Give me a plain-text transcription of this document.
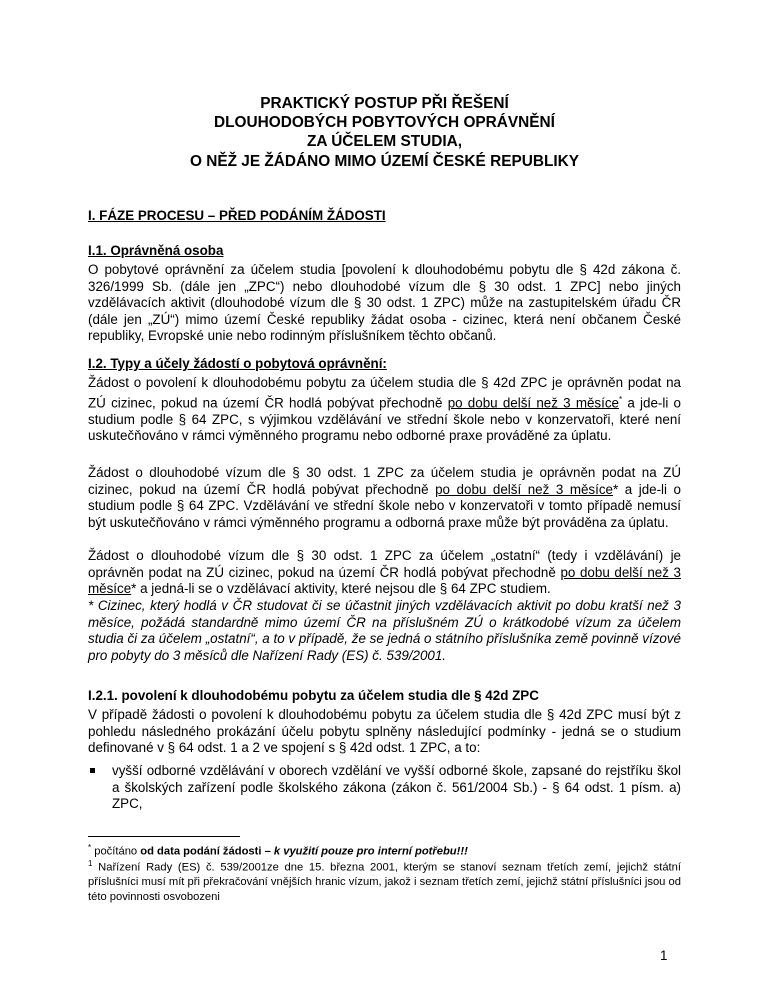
PRAKTICKÝ POSTUP PŘI ŘEŠENÍ
DLOUHODOBÝCH POBYTOVÝCH OPRÁVNĚNÍ
ZA ÚČELEM STUDIA,
O NĚŽ JE ŽÁDÁNO MIMO ÚZEMÍ ČESKÉ REPUBLIKY
I. FÁZE PROCESU – PŘED PODÁNÍM ŽÁDOSTI
I.1. Oprávněná osoba
O pobytové oprávnění za účelem studia [povolení k dlouhodobému pobytu dle § 42d zákona č. 326/1999 Sb. (dále jen „ZPC“) nebo dlouhodobé vízum dle § 30 odst. 1 ZPC] nebo jiných vzdělávacích aktivit (dlouhodobé vízum dle § 30 odst. 1 ZPC) může na zastupitelském úřadu ČR (dále jen „ZÚ“) mimo území České republiky žádat osoba - cizinec, která není občanem České republiky, Evropské unie nebo rodinným příslušníkem těchto občanů.
I.2. Typy a účely žádostí o pobytová oprávnění:
Žádost o povolení k dlouhodobému pobytu za účelem studia dle § 42d ZPC je oprávněn podat na ZÚ cizinec, pokud na území ČR hodlá pobývat přechodně po dobu delší než 3 měsíce* a jde-li o studium podle § 64 ZPC, s výjimkou vzdělávání ve střední škole nebo v konzervatoři, které není uskutečňováno v rámci výměnného programu nebo odborné praxe prováděné za úplatu.
Žádost o dlouhodobé vízum dle § 30 odst. 1 ZPC za účelem studia je oprávněn podat na ZÚ cizinec, pokud na území ČR hodlá pobývat přechodně po dobu delší než 3 měsíce* a jde-li o studium podle § 64 ZPC. Vzdělávání ve střední škole nebo v konzervatoři v tomto případě nemusí být uskutečňováno v rámci výměnného programu a odborná praxe může být prováděna za úplatu.
Žádost o dlouhodobé vízum dle § 30 odst. 1 ZPC za účelem „ostatní“ (tedy i vzdělávání) je oprávněn podat na ZÚ cizinec, pokud na území ČR hodlá pobývat přechodně po dobu delší než 3 měsíce* a jedná-li se o vzdělávací aktivity, které nejsou dle § 64 ZPC studiem.
* Cizinec, který hodlá v ČR studovat či se účastnit jiných vzdělávacích aktivit po dobu kratší než 3 měsíce, požádá standardně mimo území ČR na příslušném ZÚ o krátkodobé vízum za účelem studia či za účelem „ostatní“, a to v případě, že se jedná o státního příslušníka země povinně vízové pro pobyty do 3 měsíců dle Nařízení Rady (ES) č. 539/2001.
I.2.1. povolení k dlouhodobému pobytu za účelem studia dle § 42d ZPC
V případě žádosti o povolení k dlouhodobému pobytu za účelem studia dle § 42d ZPC musí být z pohledu následného prokázání účelu pobytu splněny následující podmínky - jedná se o studium definované v § 64 odst. 1 a 2 ve spojení s § 42d odst. 1 ZPC, a to:
vyšší odborné vzdělávání v oborech vzdělání ve vyšší odborné škole, zapsané do rejstříku škol a školských zařízení podle školského zákona (zákon č. 561/2004 Sb.) - § 64 odst. 1 písm. a) ZPC,
* počítáno od data podání žádosti – k využití pouze pro interní potřebu!!!
$^1$ Nařízení Rady (ES) č. 539/2001ze dne 15. března 2001, kterým se stanoví seznam třetích zemí, jejichž státní příslušníci musí mít při překračování vnějších hranic vízum, jakož i seznam třetích zemí, jejichž státní příslušníci jsou od této povinnosti osvobozeni
1
